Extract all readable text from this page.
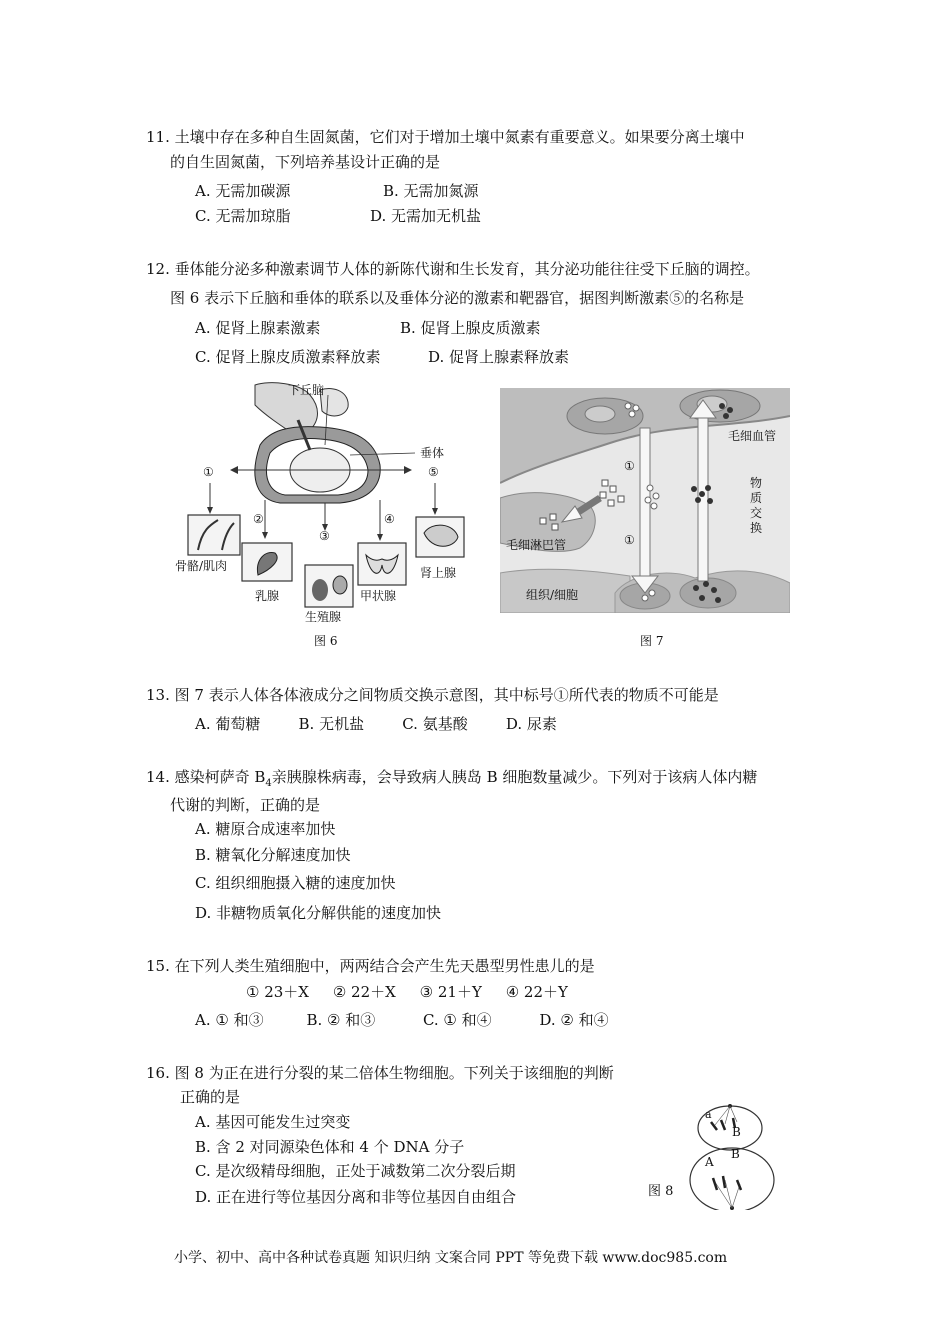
11. 土壤中存在多种自生固氮菌，它们对于增加土壤中氮素有重要意义。如果要分离土壤中
的自生固氮菌，下列培养基设计正确的是
A. 无需加碳源	B. 无需加氮源
C. 无需加琼脂	D. 无需加无机盐
12. 垂体能分泌多种激素调节人体的新陈代谢和生长发育，其分泌功能往往受下丘脑的调控。
图 6 表示下丘脑和垂体的联系以及垂体分泌的激素和靶器官，据图判断激素⑤的名称是
A. 促肾上腺素激素	B. 促肾上腺皮质激素
C. 促肾上腺皮质激素释放素	D. 促肾上腺素释放素
下丘脑
垂体
①
②
③
④
⑤
骨骼/肌肉
乳腺
生殖腺
甲状腺
肾上腺
图 6
毛细血管
物质交换
毛细淋巴管
组织/细胞
①
①
图 7
13. 图 7 表示人体各体液成分之间物质交换示意图，其中标号①所代表的物质不可能是
A. 葡萄糖        B. 无机盐        C. 氨基酸        D. 尿素
14. 感染柯萨奇 $B_4$亲胰腺株病毒，会导致病人胰岛 B 细胞数量减少。下列对于该病人体内糖
代谢的判断，正确的是
A. 糖原合成速率加快
B. 糖氧化分解速度加快
C. 组织细胞摄入糖的速度加快
D. 非糖物质氧化分解供能的速度加快
15. 在下列人类生殖细胞中，两两结合会产生先天愚型男性患儿的是
① 23＋X     ② 22＋X     ③ 21＋Y     ④ 22＋Y
A. ① 和③         B. ② 和③          C. ① 和④          D. ② 和④
16. 图 8 为正在进行分裂的某二倍体生物细胞。下列关于该细胞的判断
正确的是
A. 基因可能发生过突变
B. 含 2 对同源染色体和 4 个 DNA 分子
C. 是次级精母细胞，正处于减数第二次分裂后期
D. 正在进行等位基因分离和非等位基因自由组合
a
B
A
B
图 8
小学、初中、高中各种试卷真题 知识归纳 文案合同 PPT 等免费下载 www.doc985.com
